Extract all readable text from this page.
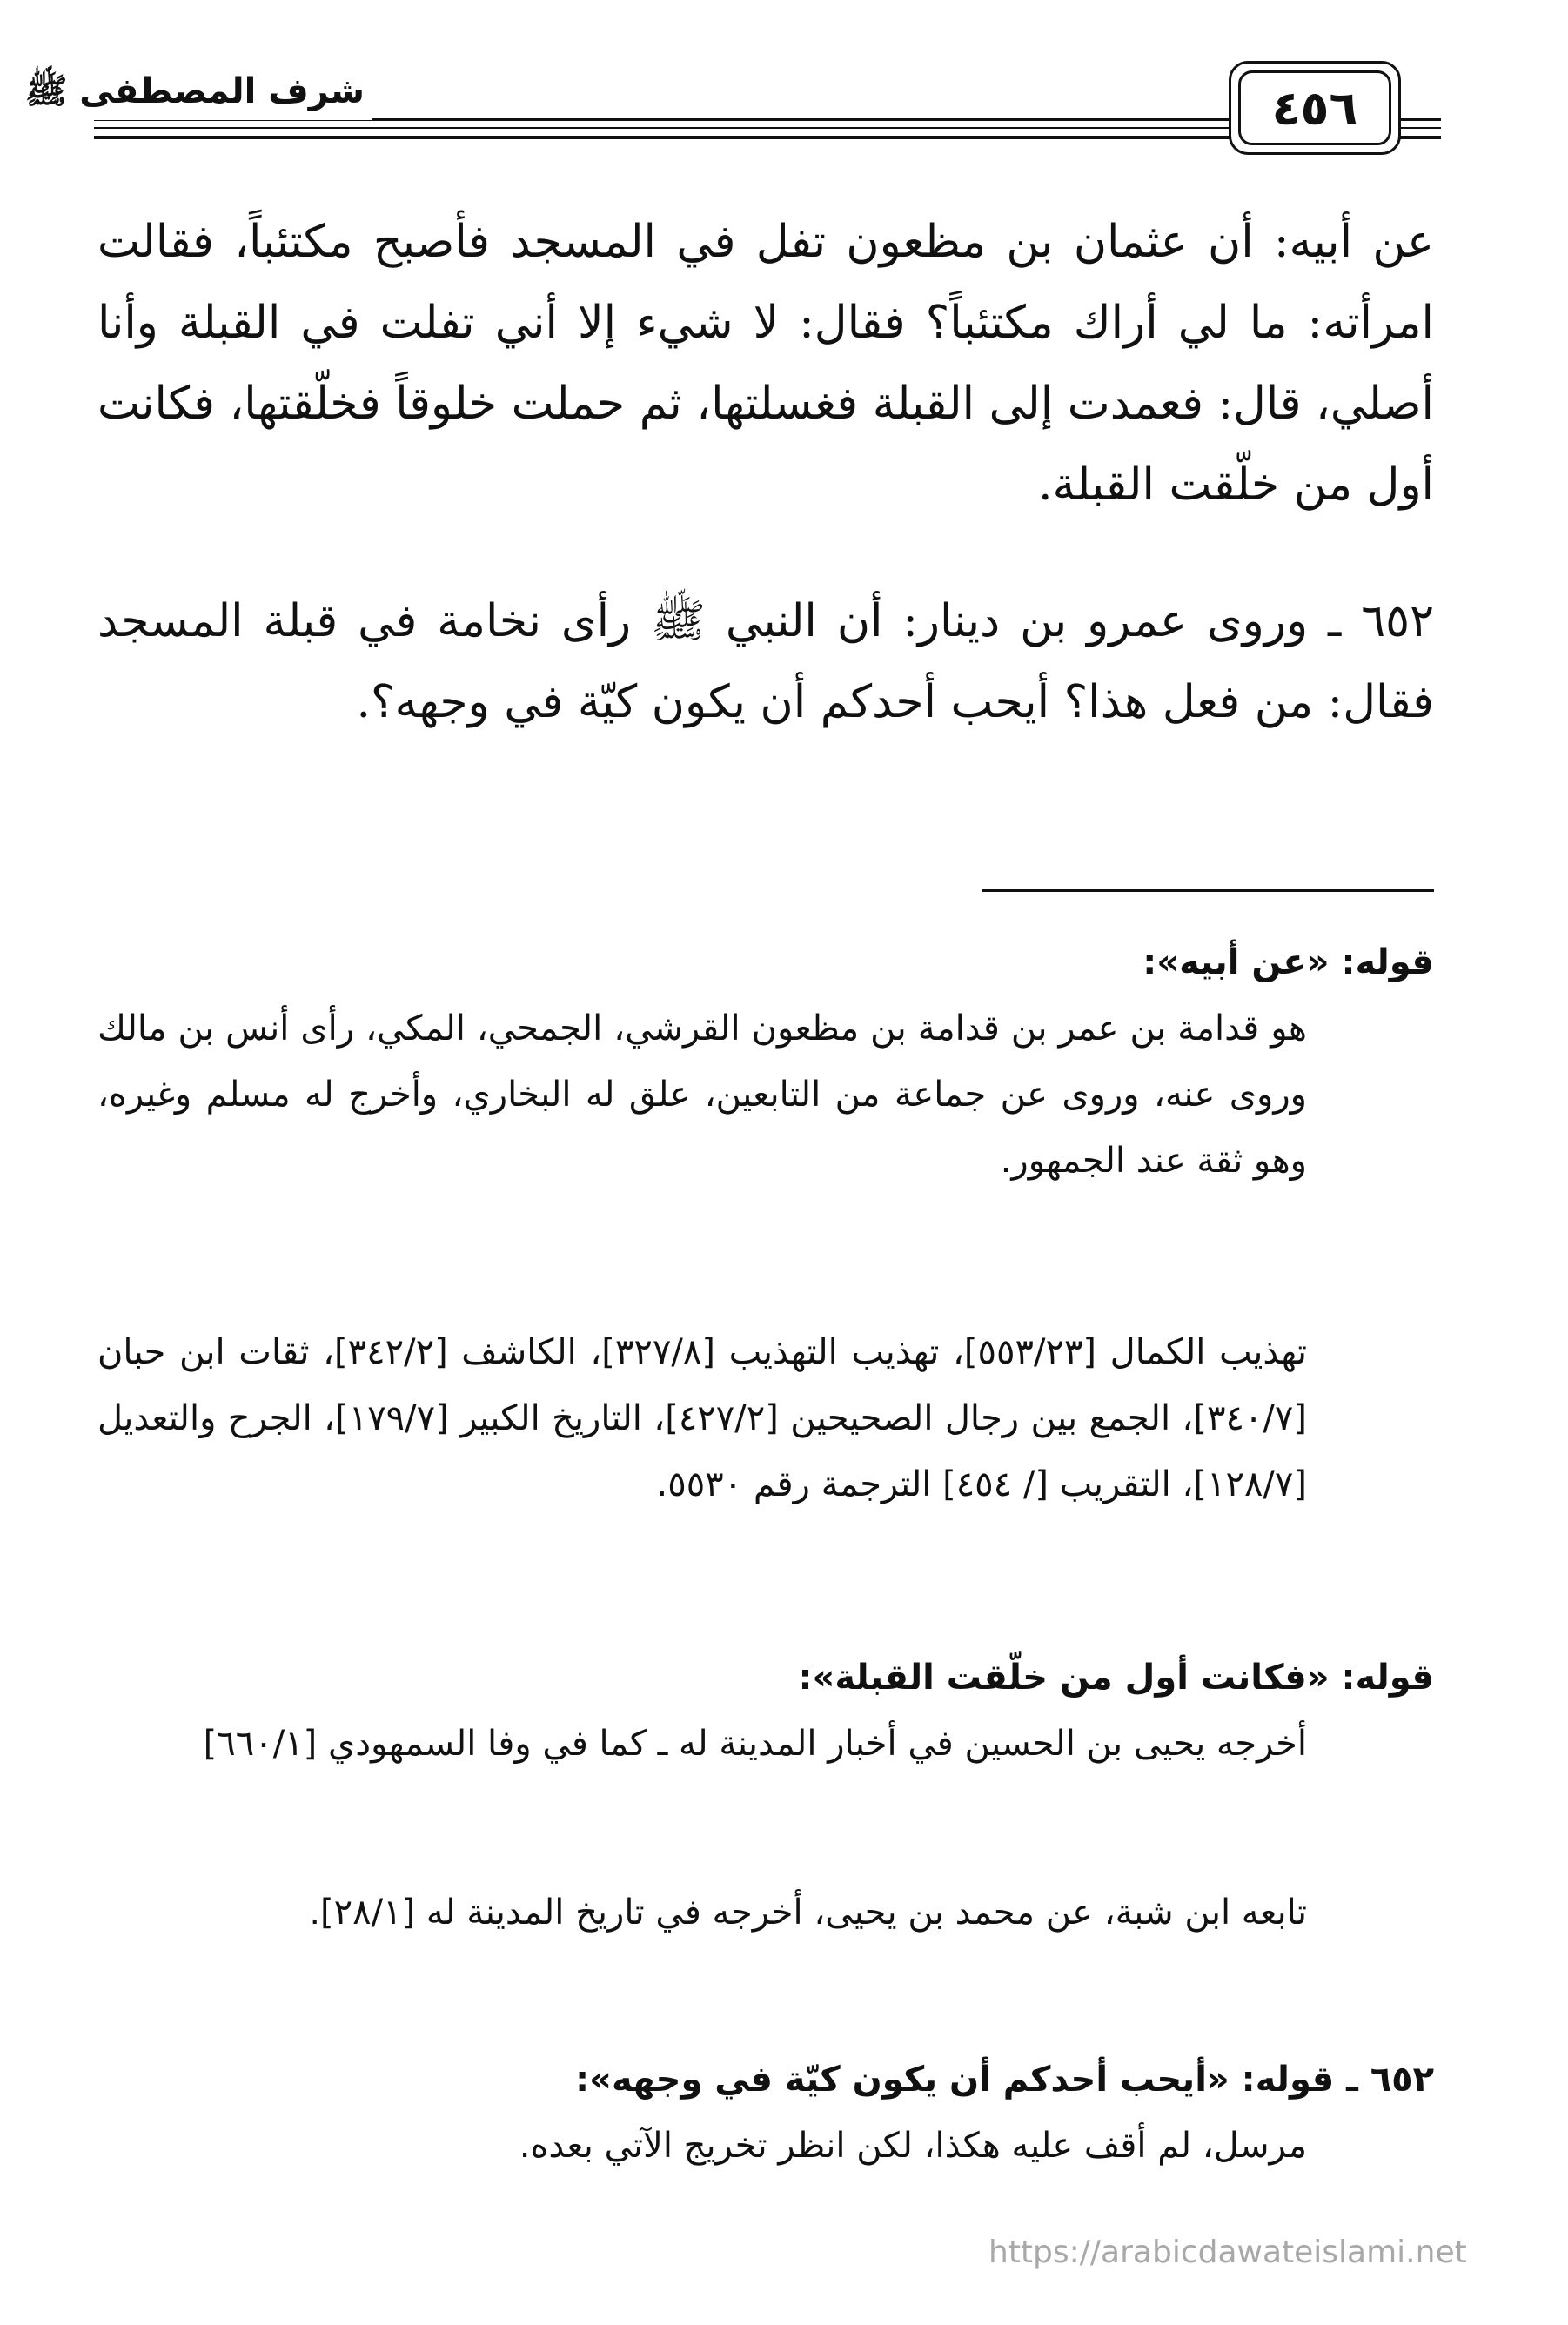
شرف المصطفى ﷺ	٤٥٦
عن أبيه: أن عثمان بن مظعون تفل في المسجد فأصبح مكتئباً، فقالت امرأته: ما لي أراك مكتئباً؟ فقال: لا شيء إلا أني تفلت في القبلة وأنا أصلي، قال: فعمدت إلى القبلة فغسلتها، ثم حملت خلوقاً فخلّقتها، فكانت أول من خلّقت القبلة.
٦٥٢ ـ وروى عمرو بن دينار: أن النبي ﷺ رأى نخامة في قبلة المسجد فقال: من فعل هذا؟ أيحب أحدكم أن يكون كيّة في وجهه؟.
قوله: «عن أبيه»:
هو قدامة بن عمر بن قدامة بن مظعون القرشي، الجمحي، المكي، رأى أنس بن مالك وروى عنه، وروى عن جماعة من التابعين، علق له البخاري، وأخرج له مسلم وغيره، وهو ثقة عند الجمهور.
تهذيب الكمال [٥٥٣/٢٣]، تهذيب التهذيب [٣٢٧/٨]، الكاشف [٣٤٢/٢]، ثقات ابن حبان [٣٤٠/٧]، الجمع بين رجال الصحيحين [٤٢٧/٢]، التاريخ الكبير [١٧٩/٧]، الجرح والتعديل [١٢٨/٧]، التقريب [/ ٤٥٤] الترجمة رقم ٥٥٣٠.
قوله: «فكانت أول من خلّقت القبلة»:
أخرجه يحيى بن الحسين في أخبار المدينة له ـ كما في وفا السمهودي [٦٦٠/١]
تابعه ابن شبة، عن محمد بن يحيى، أخرجه في تاريخ المدينة له [٢٨/١].
٦٥٢ ـ قوله: «أيحب أحدكم أن يكون كيّة في وجهه»:
مرسل، لم أقف عليه هكذا، لكن انظر تخريج الآتي بعده.
https://arabicdawateislami.net
